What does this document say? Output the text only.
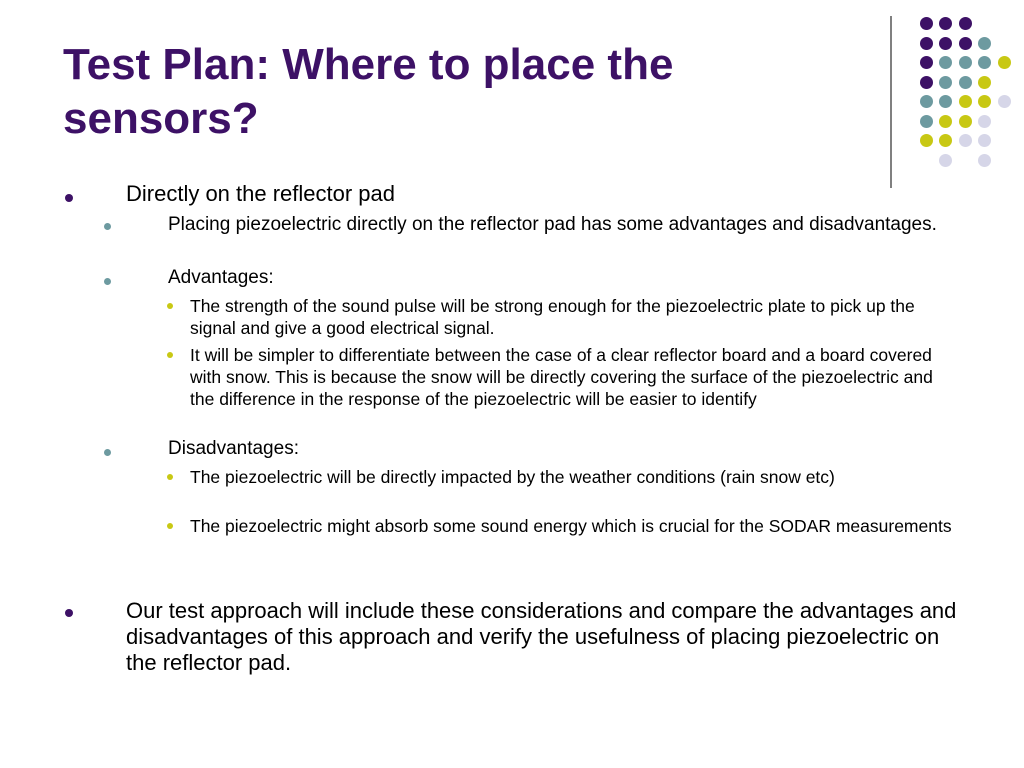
Test Plan: Where to place the sensors?

Directly on the reflector pad

Placing piezoelectric directly on the reflector pad has some advantages and disadvantages.

Advantages:

The strength of the sound pulse will be strong enough for the piezoelectric plate to pick up the signal and give a good electrical signal.

It will be simpler to differentiate between the case of a clear reflector board and a board covered with snow. This is because the snow will be directly covering the surface of the piezoelectric and the difference in the response of the piezoelectric will be easier to identify

Disadvantages:

The piezoelectric will be directly impacted by the weather conditions (rain snow etc)

The piezoelectric might absorb some sound energy which is crucial for the SODAR measurements

Our test approach will include these considerations and compare the advantages and disadvantages of this approach and verify the usefulness of placing piezoelectric on the reflector pad.
